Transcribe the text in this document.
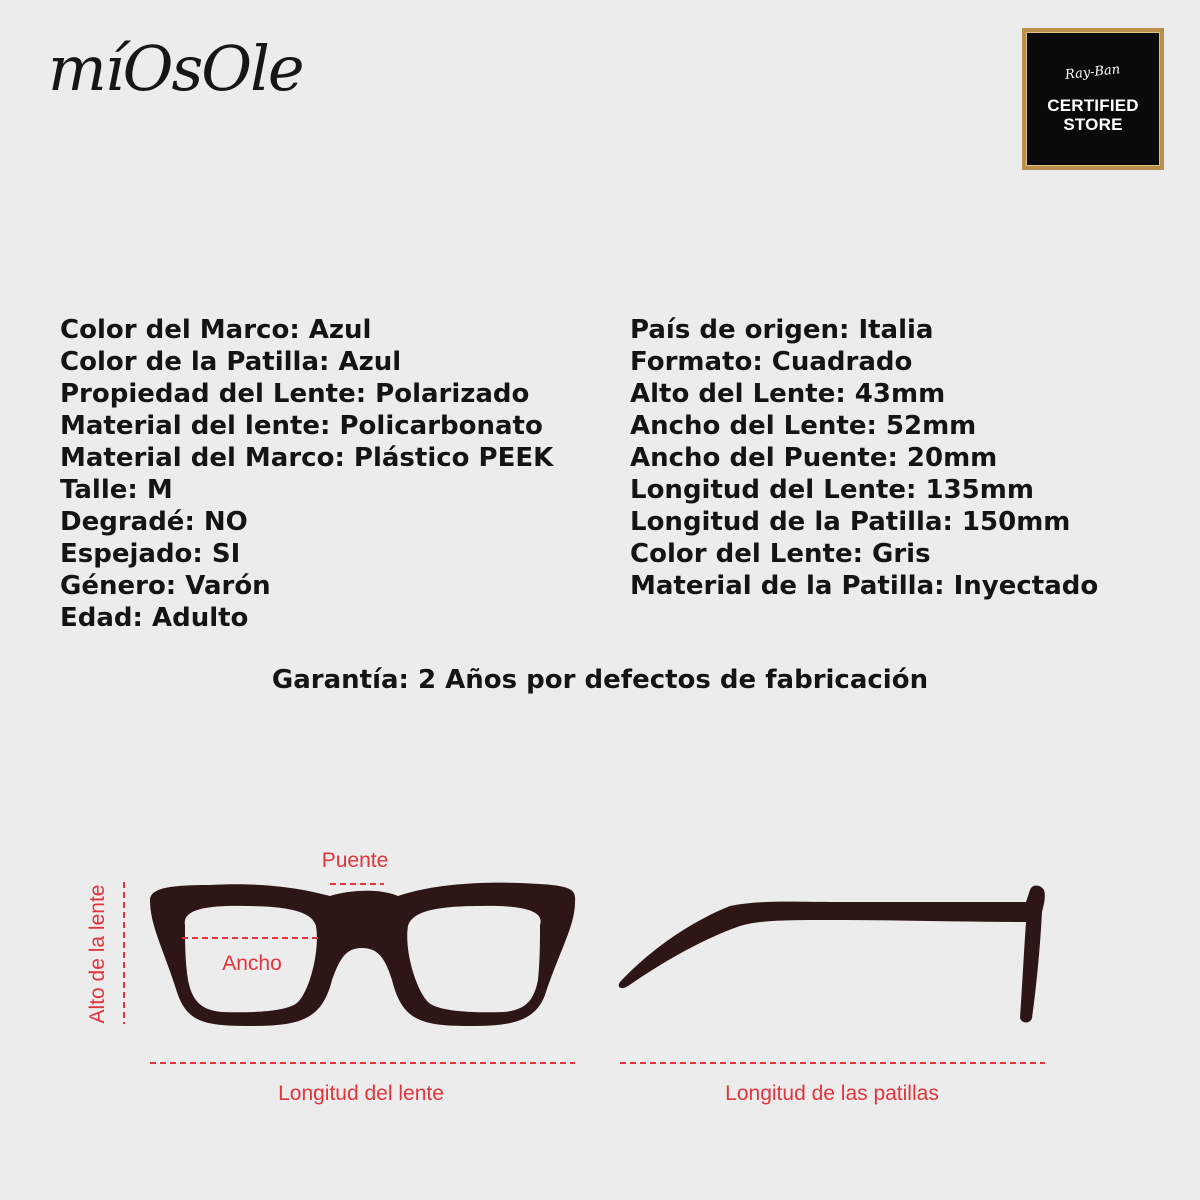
míOsOle	Ray-Ban
CERTIFIED
STORE
Color del Marco: Azul
Color de la Patilla: Azul
Propiedad del Lente: Polarizado
Material del lente: Policarbonato
Material del Marco: Plástico PEEK
Talle: M
Degradé: NO
Espejado: SI
Género: Varón
Edad: Adulto
País de origen: Italia
Formato: Cuadrado
Alto del Lente: 43mm
Ancho del Lente: 52mm
Ancho del Puente: 20mm
Longitud del Lente: 135mm
Longitud de la Patilla: 150mm
Color del Lente: Gris
Material de la Patilla: Inyectado
Garantía: 2 Años por defectos de fabricación
Puente
Ancho
Alto de la lente
Longitud del lente	Longitud de las patillas
